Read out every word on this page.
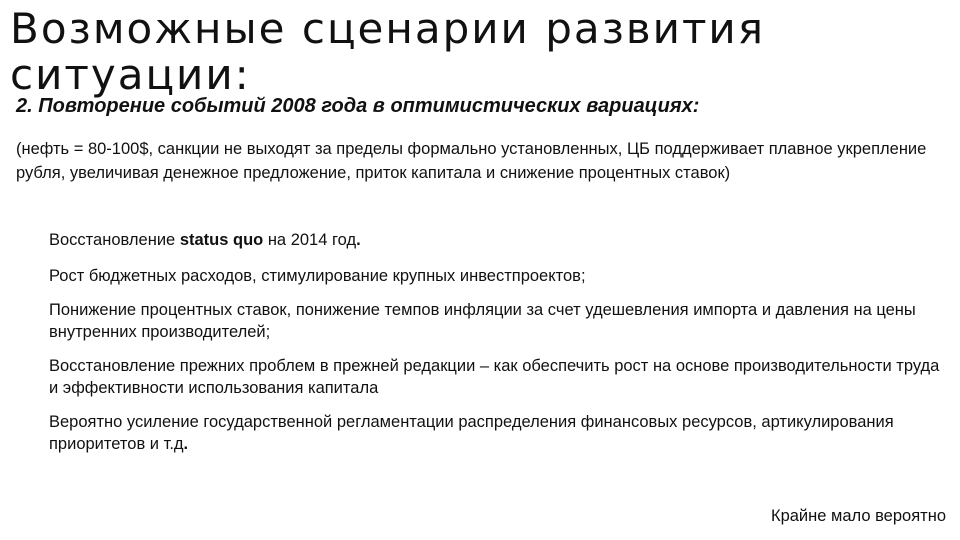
Возможные сценарии развития ситуации:
2. Повторение событий 2008 года в оптимистических вариациях:
(нефть = 80-100$, санкции не выходят за пределы формально установленных, ЦБ поддерживает плавное укрепление рубля, увеличивая денежное предложение, приток капитала и снижение процентных ставок)
Восстановление status quo на 2014 год.
Рост бюджетных расходов, стимулирование крупных инвестпроектов;
Понижение процентных ставок, понижение темпов инфляции за счет удешевления импорта и давления на цены внутренних производителей;
Восстановление прежних проблем в прежней редакции – как обеспечить рост на основе производительности труда и эффективности использования капитала
Вероятно усиление государственной регламентации распределения финансовых ресурсов, артикулирования приоритетов и т.д.
Крайне мало вероятно
